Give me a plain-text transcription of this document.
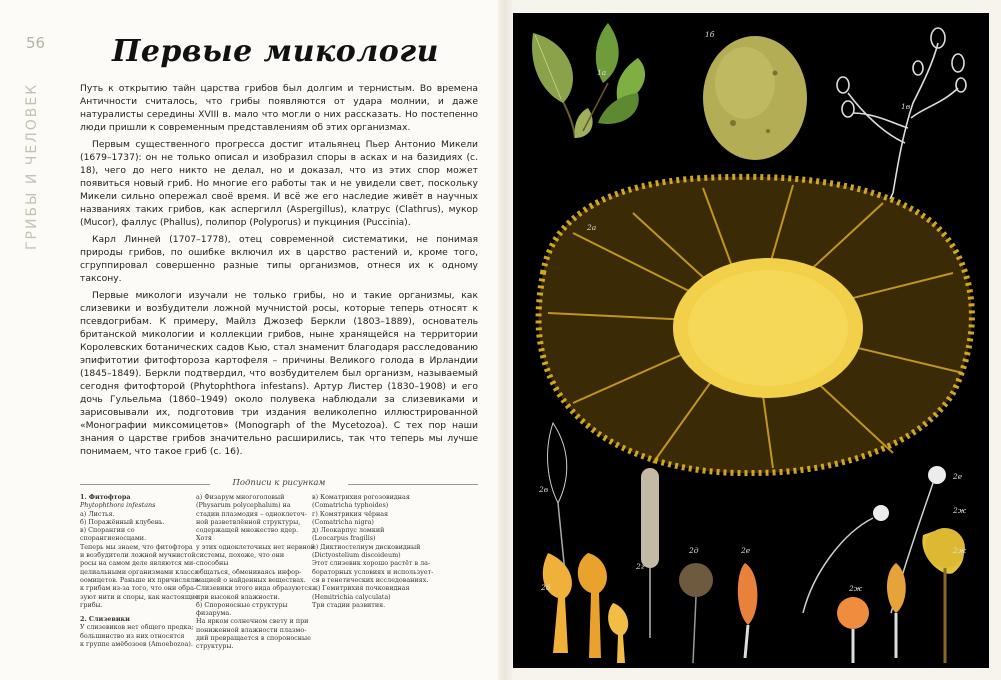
56
ГРИБЫ И ЧЕЛОВЕК
Первые микологи

Путь к открытию тайн царства грибов был долгим и тернистым. Во времена Античности считалось, что грибы появляются от удара молнии, и даже натуралисты середины XVIII в. мало что могли о них рассказать. Но постепенно люди пришли к современным представлениям об этих организмах.

Первым существенного прогресса достиг итальянец Пьер Антонио Микели (1679–1737): он не только описал и изобразил споры в асках и на базидиях (с. 18), чего до него никто не делал, но и доказал, что из этих спор может появиться новый гриб. Но многие его работы так и не увидели свет, поскольку Микели сильно опережал своё время. И всё же его наследие живёт в научных названиях таких грибов, как аспергилл (Aspergillus), клатрус (Clathrus), мукор (Mucor), фаллус (Phallus), полипор (Polyporus) и пукциния (Puccinia).

Карл Линней (1707–1778), отец современной систематики, не понимая природы грибов, по ошибке включил их в царство растений и, кроме того, сгруппировал совершенно разные типы организмов, отнеся их к одному таксону.

Первые микологи изучали не только грибы, но и такие организмы, как слизевики и возбудители ложной мучнистой росы, которые теперь относят к псевдогрибам. К примеру, Майлз Джозеф Беркли (1803–1889), основатель британской микологии и коллекции грибов, ныне хранящейся на территории Королевских ботанических садов Кью, стал знаменит благодаря расследованию эпифитотии фитофтороза картофеля – причины Великого голода в Ирландии (1845–1849). Беркли подтвердил, что возбудителем был организм, называемый сегодня фитофторой (Phytophthora infestans). Артур Листер (1830–1908) и его дочь Гульельма (1860–1949) около полувека наблюдали за слизевиками и зарисовывали их, подготовив три издания великолепно иллюстрированной «Монографии миксомицетов» (Monograph of the Mycetozoa). С тех пор наши знания о царстве грибов значительно расширились, так что теперь мы лучше понимаем, что такое гриб (с. 16).

Подписи к рисункам
1. Фитофтора
Phytophthora infestans
а) Листья.
б) Поражённый клубень.
в) Спорангии со спорангиеносцами.
Теперь мы знаем, что фитофтора
и возбудители ложной мучнистой
росы на самом деле являются ми-
целиальными организмами класса
оомицетов. Раньше их причисляли
к грибам из-за того, что они обра-
зуют нити и споры, как настоящие
грибы.
2. Слизевики
У слизевиков нет общего предка;
большинство из них относятся
к группе амёбозоев (Amoebozoa).
а) Физарум многоголовый
(Physarum polycephalum) на
стадии плазмодия – одноклеточ-
ной разветвлённой структуры,
содержащей множество ядер. Хотя
у этих одноклеточных нет нервной
системы, похоже, что они способны
общаться, обмениваясь инфор-
мацией о найденных веществах.
Слизевики этого вида образуются
при высокой влажности.
б) Спороносные структуры
физарума.
На ярком солнечном свету и при
пониженной влажности плазмо-
дий превращается в спороносные
структуры.
в) Коматрихия рогозовидная
(Comatricha typhoides)
г) Комятрикия чёрная
(Comatricha nigra)
д) Леокарпус ломкий
(Leocarpus fragilis)
е) Диктиостелиум дисковидный
(Dictyostelium discoideum)
Этот слизевик хорошо растёт в ла-
бораторных условиях и использует-
ся в генетических исследованиях.
ж) Гемитрихия почковидная
(Hemitrichia calyculata)
Три стадии развития.
1а
1б
1в
2а
2б
2в
2г
2д	2е
2е
2ж
2ж
2ж
